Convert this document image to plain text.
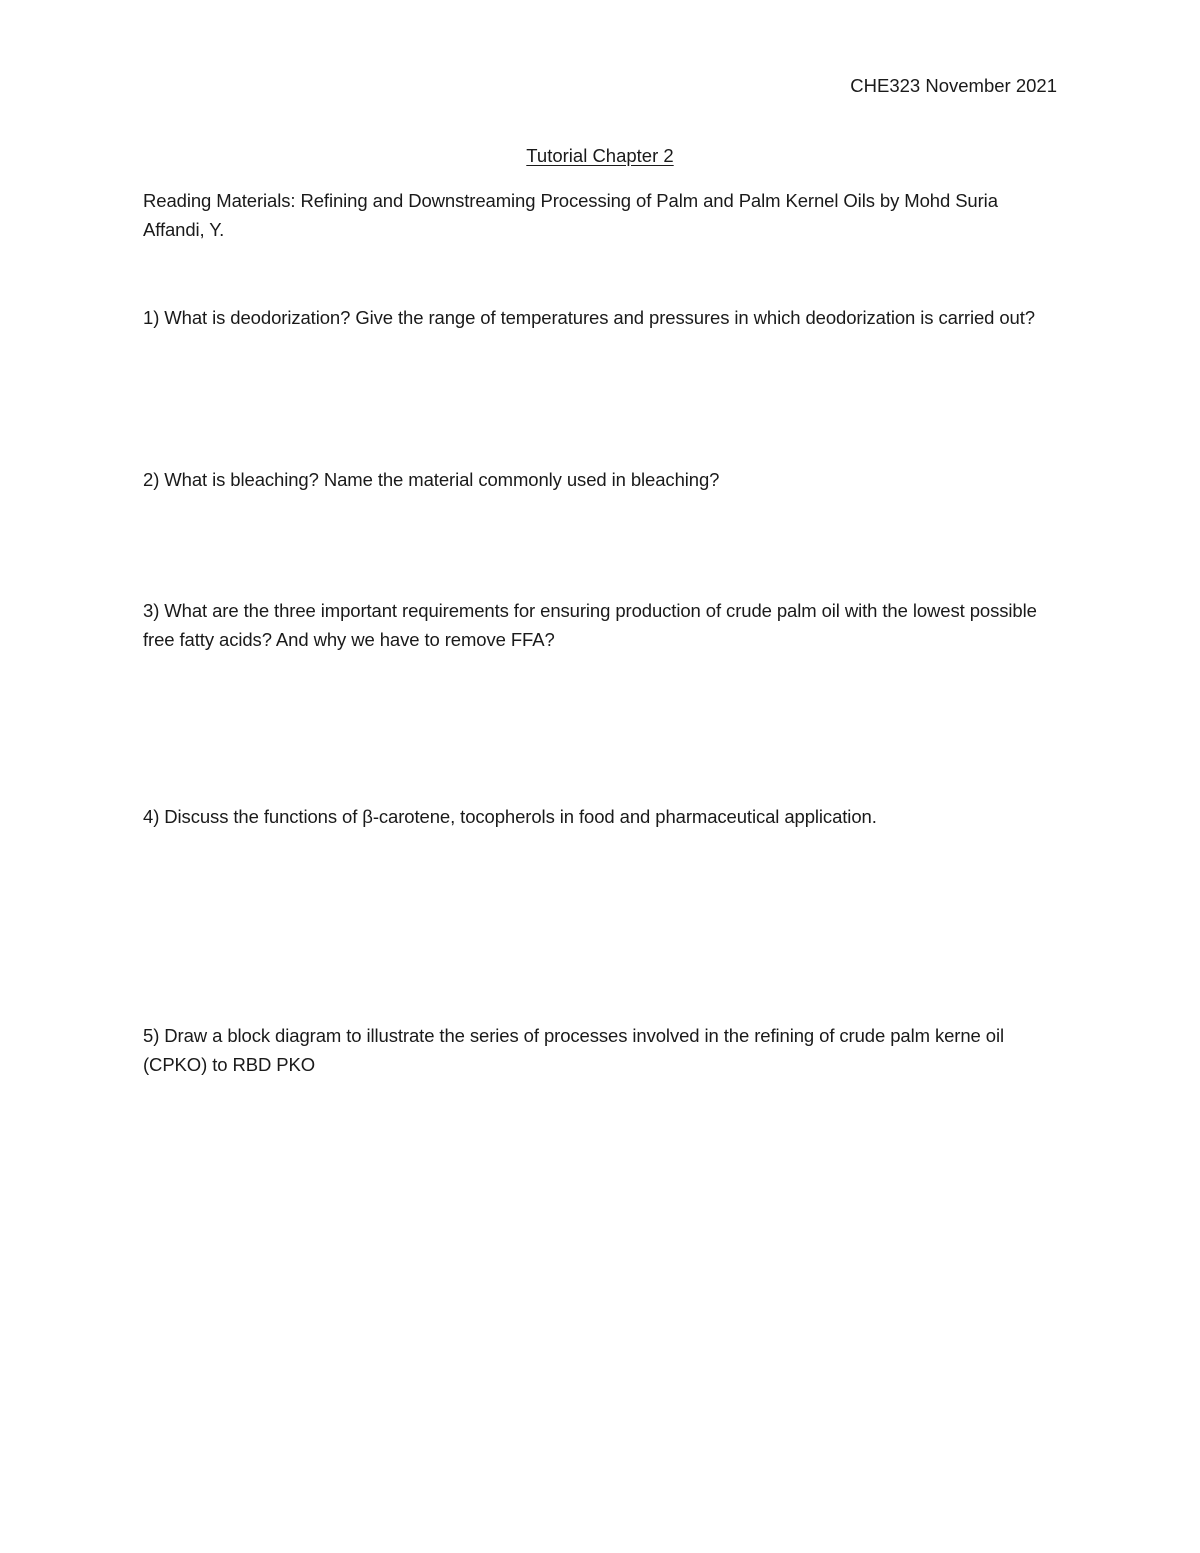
CHE323 November 2021
Tutorial Chapter 2
Reading Materials: Refining and Downstreaming Processing of Palm and Palm Kernel Oils by Mohd Suria Affandi, Y.
1) What is deodorization? Give the range of temperatures and pressures in which deodorization is carried out?
2) What is bleaching? Name the material commonly used in bleaching?
3) What are the three important requirements for ensuring production of crude palm oil with the lowest possible free fatty acids? And why we have to remove FFA?
4) Discuss the functions of β-carotene, tocopherols in food and pharmaceutical application.
5) Draw a block diagram to illustrate the series of processes involved in the refining of crude palm kerne oil (CPKO) to RBD PKO
